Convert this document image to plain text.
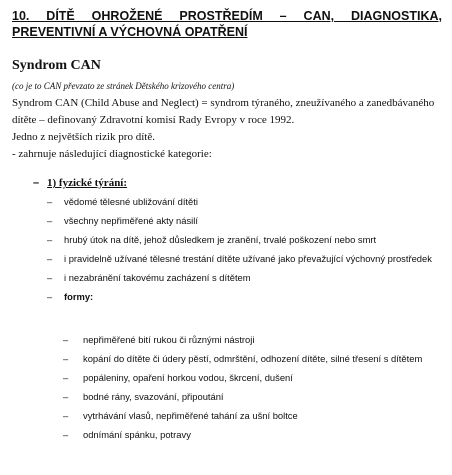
10. DÍTĚ OHROŽENÉ PROSTŘEDÍM – CAN, DIAGNOSTIKA, PREVENTIVNÍ A VÝCHOVNÁ OPATŘENÍ
Syndrom CAN

(co je to CAN převzato ze stránek Dětského krizového centra)

Syndrom CAN (Child Abuse and Neglect) = syndrom týraného, zneužívaného a zanedbávaného dítěte – definovaný Zdravotní komisí Rady Evropy v roce 1992.

Jedno z největších rizik pro dítě.

- zahrnuje následující diagnostické kategorie:

– 1) fyzické týrání:
– vědomé tělesné ubližování dítěti
– všechny nepřiměřené akty násilí
– hrubý útok na dítě, jehož důsledkem je zranění, trvalé poškození nebo smrt
– i pravidelně užívané tělesné trestání dítěte užívané jako převažující výchovný prostředek
– i nezabránění takovému zacházení s dítětem
– formy:
– nepřiměřené bití rukou či různými nástroji
– kopání do dítěte či údery pěstí, odmrštění, odhození dítěte, silné třesení s dítětem
– popáleniny, opaření horkou vodou, škrcení, dušení
– bodné rány, svazování, připoutání
– vytrhávání vlasů, nepřiměřené tahání za ušní boltce
– odnímání spánku, potravy
